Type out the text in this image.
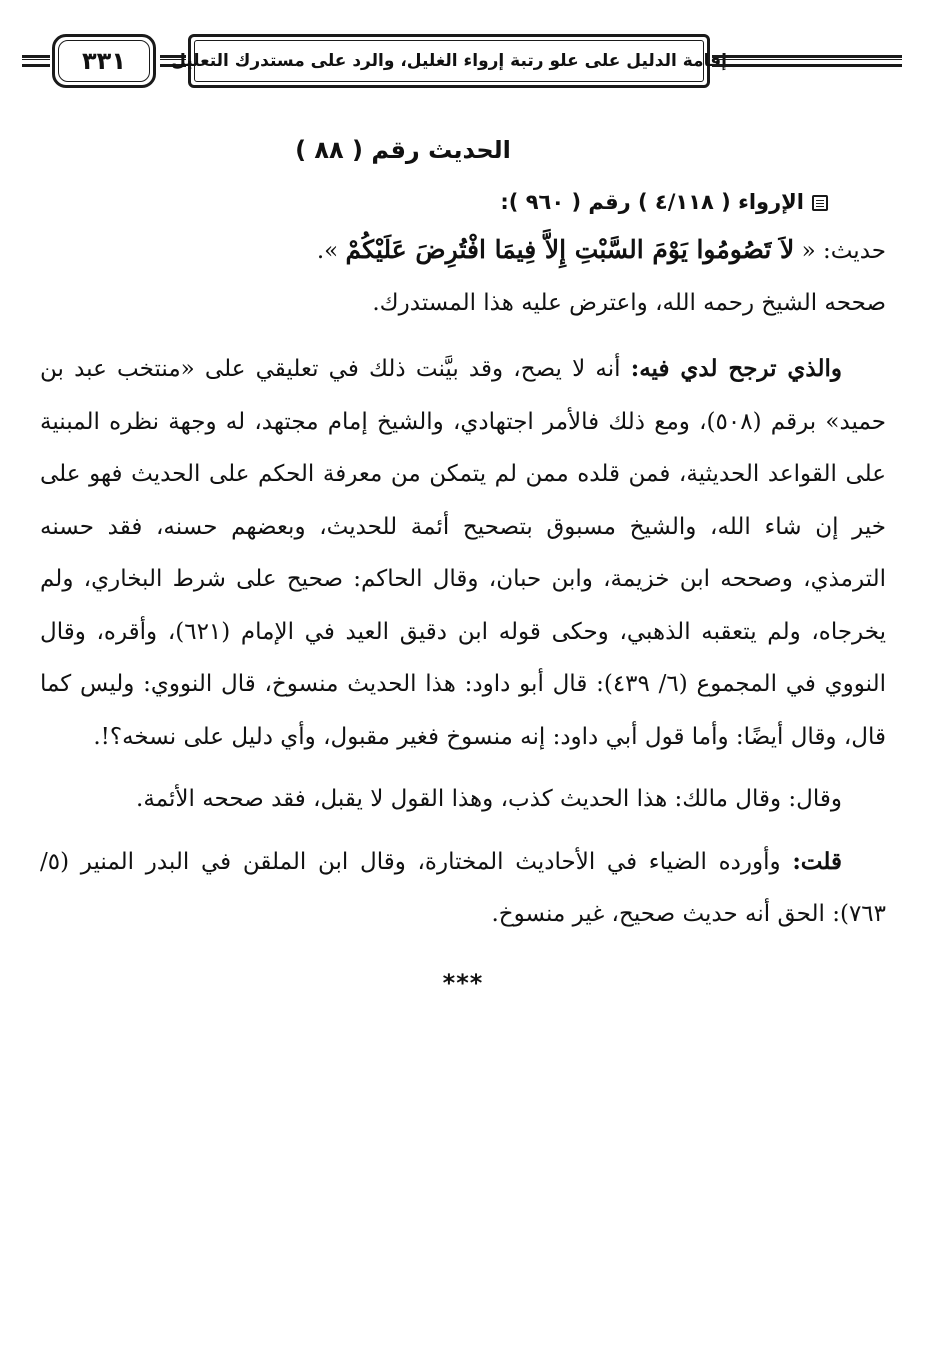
٣٣١	إقامة الدليل على علو رتبة إرواء الغليل، والرد على مستدرك التعليل
الحديث رقم ( ٨٨ )
الإرواء ( ٤/١١٨ ) رقم ( ٩٦٠ ):
حديث: « لاَ تَصُومُوا يَوْمَ السَّبْتِ إِلاَّ فِيمَا افْتُرِضَ عَلَيْكُمْ ».
صححه الشيخ رحمه الله، واعترض عليه هذا المستدرك.

والذي ترجح لدي فيه: أنه لا يصح، وقد بيَّنت ذلك في تعليقي على «منتخب عبد بن حميد» برقم (٥٠٨)، ومع ذلك فالأمر اجتهادي، والشيخ إمام مجتهد، له وجهة نظره المبنية على القواعد الحديثية، فمن قلده ممن لم يتمكن من معرفة الحكم على الحديث فهو على خير إن شاء الله، والشيخ مسبوق بتصحيح أئمة للحديث، وبعضهم حسنه، فقد حسنه الترمذي، وصححه ابن خزيمة، وابن حبان، وقال الحاكم: صحيح على شرط البخاري، ولم يخرجاه، ولم يتعقبه الذهبي، وحكى قوله ابن دقيق العيد في الإمام (٦٢١)، وأقره، وقال النووي في المجموع (٦/ ٤٣٩): قال أبو داود: هذا الحديث منسوخ، قال النووي: وليس كما قال، وقال أيضًا: وأما قول أبي داود: إنه منسوخ فغير مقبول، وأي دليل على نسخه؟!.

وقال: وقال مالك: هذا الحديث كذب، وهذا القول لا يقبل، فقد صححه الأئمة.

قلت: وأورده الضياء في الأحاديث المختارة، وقال ابن الملقن في البدر المنير (٥/ ٧٦٣): الحق أنه حديث صحيح، غير منسوخ.

***
